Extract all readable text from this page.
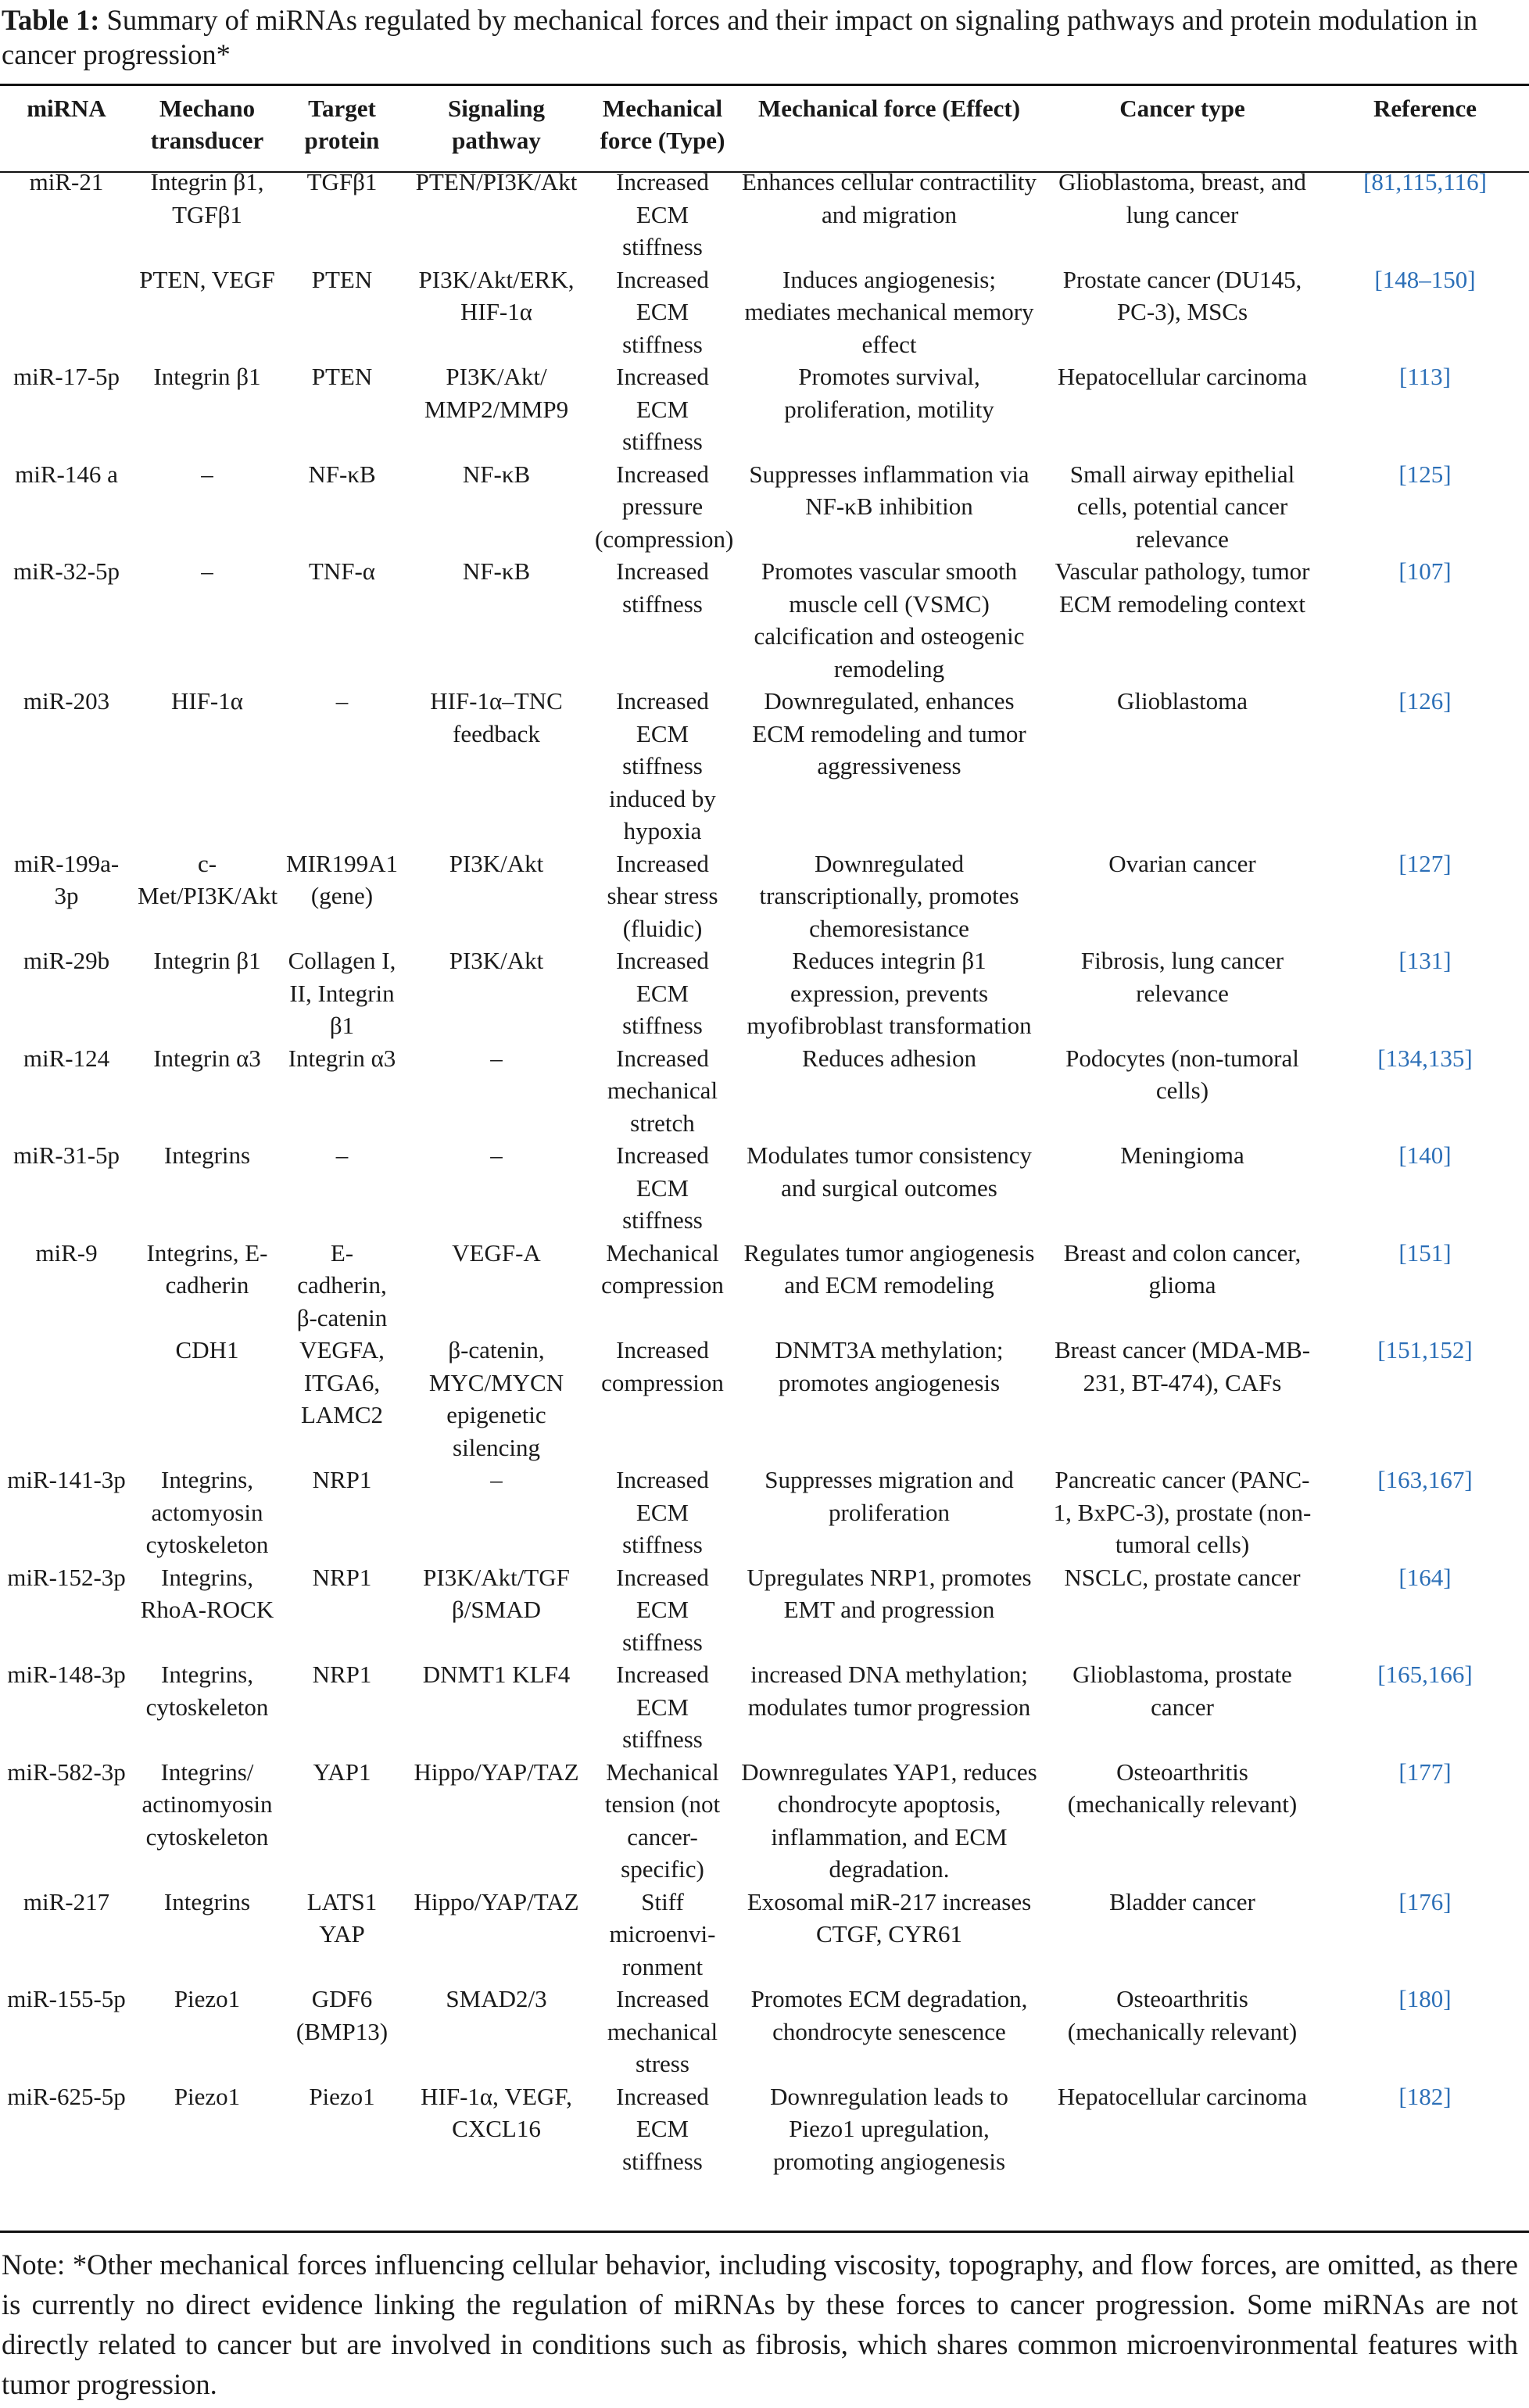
Table 1: Summary of miRNAs regulated by mechanical forces and their impact on signaling pathways and protein modulation in cancer progression*
miRNA	Mechano transducer	Target protein	Signaling pathway	Mechanical force (Type)	Mechanical force (Effect)	Cancer type	Reference
miR-21	Integrin β1, TGFβ1	TGFβ1	PTEN/PI3K/Akt	Increased ECM stiffness	Enhances cellular contractility and migration	Glioblastoma, breast, and lung cancer	[81,115,116]
	PTEN, VEGF	PTEN	PI3K/Akt/ERK, HIF-1α	Increased ECM stiffness	Induces angiogenesis; mediates mechanical memory effect	Prostate cancer (DU145, PC-3), MSCs	[148–150]
miR-17-5p	Integrin β1	PTEN	PI3K/Akt/ MMP2/MMP9	Increased ECM stiffness	Promotes survival, proliferation, motility	Hepatocellular carcinoma	[113]
miR-146 a	–	NF-κB	NF-κB	Increased pressure (compression)	Suppresses inflammation via NF-κB inhibition	Small airway epithelial cells, potential cancer relevance	[125]
miR-32-5p	–	TNF-α	NF-κB	Increased stiffness	Promotes vascular smooth muscle cell (VSMC) calcification and osteogenic remodeling	Vascular pathology, tumor ECM remodeling context	[107]
miR-203	HIF-1α	–	HIF-1α–TNC feedback	Increased ECM stiffness induced by hypoxia	Downregulated, enhances ECM remodeling and tumor aggressiveness	Glioblastoma	[126]
miR-199a-3p	c-Met/PI3K/Akt	MIR199A1 (gene)	PI3K/Akt	Increased shear stress (fluidic)	Downregulated transcriptionally, promotes chemoresistance	Ovarian cancer	[127]
miR-29b	Integrin β1	Collagen I, II, Integrin β1	PI3K/Akt	Increased ECM stiffness	Reduces integrin β1 expression, prevents myofibroblast transformation	Fibrosis, lung cancer relevance	[131]
miR-124	Integrin α3	Integrin α3	–	Increased mechanical stretch	Reduces adhesion	Podocytes (non-tumoral cells)	[134,135]
miR-31-5p	Integrins	–	–	Increased ECM stiffness	Modulates tumor consistency and surgical outcomes	Meningioma	[140]
miR-9	Integrins, E-cadherin	E-cadherin, β-catenin	VEGF-A	Mechanical compression	Regulates tumor angiogenesis and ECM remodeling	Breast and colon cancer, glioma	[151]
	CDH1	VEGFA, ITGA6, LAMC2	β-catenin, MYC/MYCN epigenetic silencing	Increased compression	DNMT3A methylation; promotes angiogenesis	Breast cancer (MDA-MB-231, BT-474), CAFs	[151,152]
miR-141-3p	Integrins, actomyosin cytoskeleton	NRP1	–	Increased ECM stiffness	Suppresses migration and proliferation	Pancreatic cancer (PANC-1, BxPC-3), prostate (non-tumoral cells)	[163,167]
miR-152-3p	Integrins, RhoA-ROCK	NRP1	PI3K/Akt/TGF β/SMAD	Increased ECM stiffness	Upregulates NRP1, promotes EMT and progression	NSCLC, prostate cancer	[164]
miR-148-3p	Integrins, cytoskeleton	NRP1	DNMT1 KLF4	Increased ECM stiffness	increased DNA methylation; modulates tumor progression	Glioblastoma, prostate cancer	[165,166]
miR-582-3p	Integrins/ actinomyosin cytoskeleton	YAP1	Hippo/YAP/TAZ	Mechanical tension (not cancer-specific)	Downregulates YAP1, reduces chondrocyte apoptosis, inflammation, and ECM degradation.	Osteoarthritis (mechanically relevant)	[177]
miR-217	Integrins	LATS1 YAP	Hippo/YAP/TAZ	Stiff microenvi-ronment	Exosomal miR-217 increases CTGF, CYR61	Bladder cancer	[176]
miR-155-5p	Piezo1	GDF6 (BMP13)	SMAD2/3	Increased mechanical stress	Promotes ECM degradation, chondrocyte senescence	Osteoarthritis (mechanically relevant)	[180]
miR-625-5p	Piezo1	Piezo1	HIF-1α, VEGF, CXCL16	Increased ECM stiffness	Downregulation leads to Piezo1 upregulation, promoting angiogenesis	Hepatocellular carcinoma	[182]
Note: *Other mechanical forces influencing cellular behavior, including viscosity, topography, and flow forces, are omitted, as there is currently no direct evidence linking the regulation of miRNAs by these forces to cancer progression. Some miRNAs are not directly related to cancer but are involved in conditions such as fibrosis, which shares common microenvironmental features with tumor progression.
